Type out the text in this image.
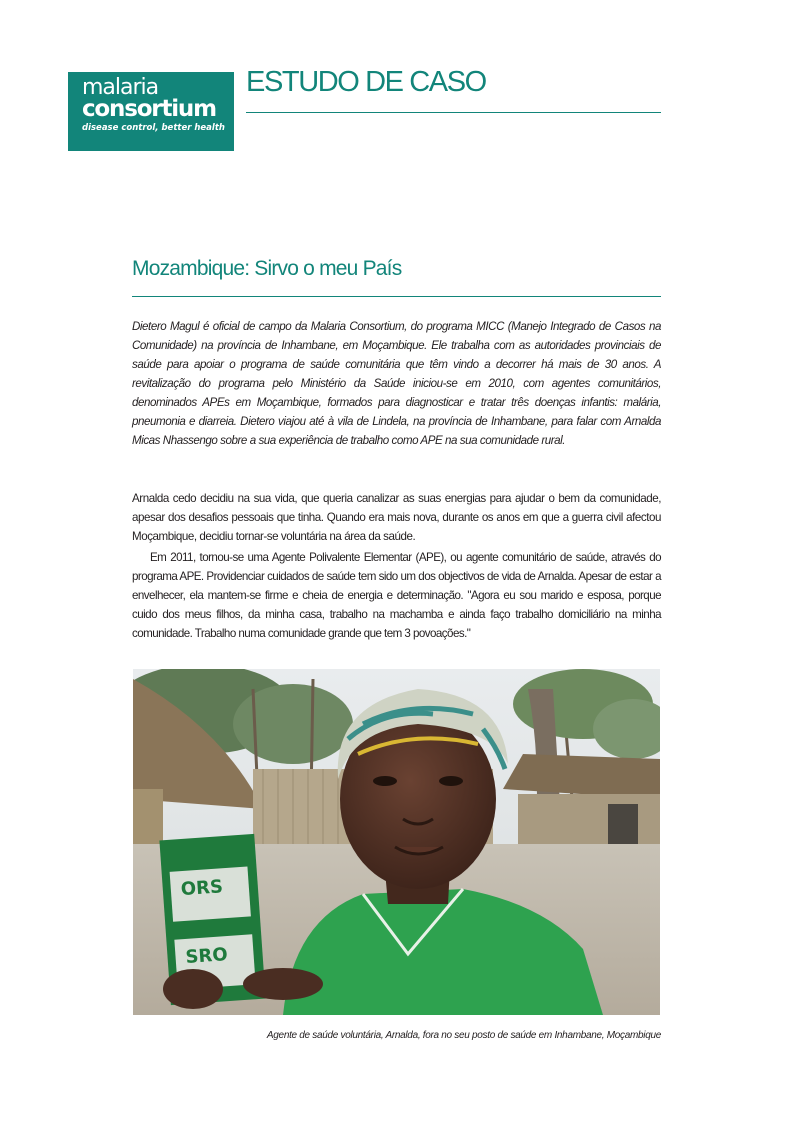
malaria
consortium
disease control, better health
ESTUDO DE CASO
Mozambique: Sirvo o meu País

Dietero Magul é oficial de campo da Malaria Consortium, do programa MICC (Manejo Integrado de Casos na Comunidade) na província de Inhambane, em Moçambique. Ele trabalha com as autoridades provinciais de saúde para apoiar o programa de saúde comunitária que têm vindo a decorrer há mais de 30 anos. A revitalização do programa pelo Ministério da Saúde iniciou-se em 2010, com agentes comunitários, denominados APEs em Moçambique, formados para diagnosticar e tratar três doenças infantis: malária, pneumonia e diarreia. Dietero viajou até à vila de Lindela, na província de Inhambane, para falar com Arnalda Micas Nhassengo sobre a sua experiência de trabalho como APE na sua comunidade rural.

Arnalda cedo decidiu na sua vida, que queria canalizar as suas energias para ajudar o bem da comunidade, apesar dos desafios pessoais que tinha. Quando era mais nova, durante os anos em que a guerra civil afectou Moçambique, decidiu tornar-se voluntária na área da saúde.

Em 2011, tornou-se uma Agente Polivalente Elementar (APE), ou agente comunitário de saúde, através do programa APE. Providenciar cuidados de saúde tem sido um dos objectivos de vida de Arnalda. Apesar de estar a envelhecer, ela mantem-se firme e cheia de energia e determinação. "Agora eu sou marido e esposa, porque cuido dos meus filhos, da minha casa, trabalho na machamba e ainda faço trabalho domiciliário na minha comunidade. Trabalho numa comunidade grande que tem 3 povoações."

ORS
SRO
Agente de saúde voluntária, Arnalda, fora no seu posto de saúde em Inhambane, Moçambique
